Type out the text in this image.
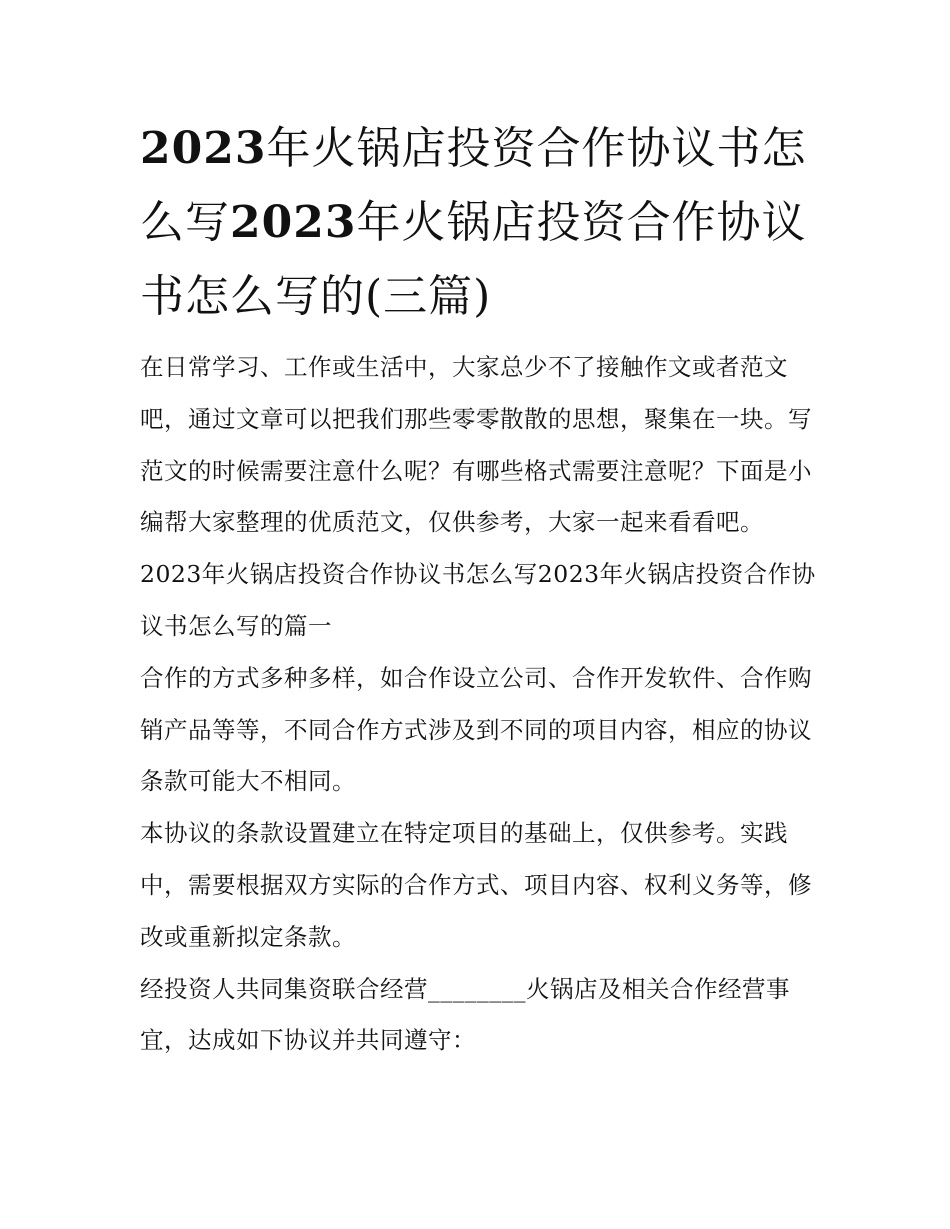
2023年火锅店投资合作协议书怎么写2023年火锅店投资合作协议书怎么写的(三篇)

在日常学习、工作或生活中，大家总少不了接触作文或者范文吧，通过文章可以把我们那些零零散散的思想，聚集在一块。写范文的时候需要注意什么呢？有哪些格式需要注意呢？下面是小编帮大家整理的优质范文，仅供参考，大家一起来看看吧。

2023年火锅店投资合作协议书怎么写2023年火锅店投资合作协议书怎么写的篇一

合作的方式多种多样，如合作设立公司、合作开发软件、合作购销产品等等，不同合作方式涉及到不同的项目内容，相应的协议条款可能大不相同。

本协议的条款设置建立在特定项目的基础上，仅供参考。实践中，需要根据双方实际的合作方式、项目内容、权利义务等，修改或重新拟定条款。

经投资人共同集资联合经营________火锅店及相关合作经营事宜，达成如下协议并共同遵守：
